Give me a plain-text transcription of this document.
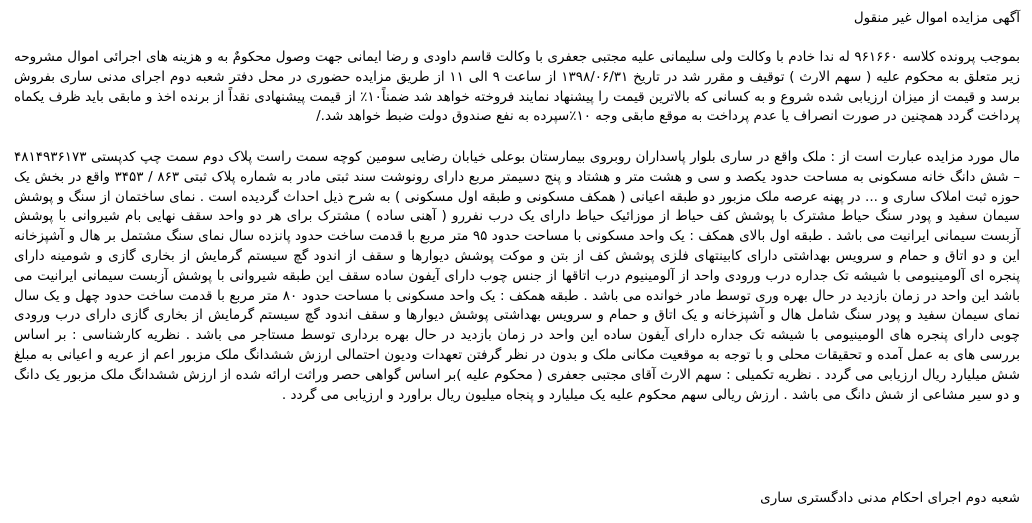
آگهی مزایده اموال غیر منقول

بموجب پرونده کلاسه ۹۶۱۶۶۰ له ندا خادم با وکالت ولی سلیمانی علیه مجتبی جعفری با وکالت قاسم داودی و رضا ایمانی جهت وصول محکومٌ به و هزینه های اجرائی اموال مشروحه زیر متعلق به محکوم علیه ( سهم الارث ) توقیف و مقرر شد در تاریخ ۱۳۹۸/۰۶/۳۱ از ساعت ۹ الی ۱۱ از طریق مزایده حضوری در محل دفتر شعبه دوم اجرای مدنی ساری بفروش برسد و قیمت از میزان ارزیابی شده شروع و به کسانی که بالاترین قیمت را پیشنهاد نمایند فروخته خواهد شد ضمناً۱۰٪ از قیمت پیشنهادی نقداً از برنده اخذ و مابقی باید ظرف یکماه پرداخت گردد همچنین در صورت انصراف یا عدم پرداخت به موقع مابقی وجه ۱۰٪سپرده به نفع صندوق دولت ضبط خواهد شد./

مال مورد مزایده عبارت است از : ملک واقع در ساری بلوار پاسداران روبروی بیمارستان بوعلی خیابان رضایی سومین کوچه سمت راست پلاک دوم سمت چپ کدپستی ۴۸۱۴۹۳۶۱۷۳ – شش دانگ خانه مسکونی به مساحت حدود یکصد و سی و هشت متر و هشتاد و پنج دسیمتر مربع دارای رونوشت سند ثبتی مادر به شماره پلاک ثبتی ۸۶۳ / ۳۴۵۳ واقع در بخش یک حوزه ثبت املاک ساری و ... در پهنه عرصه ملک مزبور دو طبقه اعیانی ( همکف مسکونی و طبقه اول مسکونی ) به شرح ذیل احداث گردیده است . نمای ساختمان از سنگ و پوشش سیمان سفید و پودر سنگ حیاط مشترک با پوشش کف حیاط از موزائیک حیاط دارای یک درب نفررو ( آهنی ساده ) مشترک برای هر دو واحد سقف نهایی بام شیروانی با پوشش آزبست سیمانی ایرانیت می باشد . طبقه اول بالای همکف : یک واحد مسکونی با مساحت حدود ۹۵ متر مربع با قدمت ساخت حدود پانزده سال نمای سنگ مشتمل بر هال و آشپزخانه این و دو اتاق و حمام و سرویس بهداشتی دارای کابینتهای فلزی پوشش کف از بتن و موکت پوشش دیوارها و سقف از اندود گچ سیستم گرمایش از بخاری گازی و شومینه دارای پنجره ای آلومینیومی با شیشه تک جداره درب ورودی واحد از آلومینیوم درب اتاقها از جنس چوب دارای آیفون ساده سقف این طبقه شیروانی با پوشش آزبست سیمانی ایرانیت می باشد این واحد در زمان بازدید در حال بهره وری توسط مادر خوانده می باشد . طبقه همکف : یک واحد مسکونی با مساحت حدود ۸۰ متر مربع با قدمت ساخت حدود چهل و یک سال نمای سیمان سفید و پودر سنگ شامل هال و آشپزخانه و یک اتاق و حمام و سرویس بهداشتی پوشش دیوارها و سقف اندود گچ سیستم گرمایش از بخاری گازی دارای درب ورودی چوبی دارای پنجره های الومینیومی با شیشه تک جداره دارای آیفون ساده این واحد در زمان بازدید در حال بهره برداری توسط مستاجر می باشد . نظریه کارشناسی : بر اساس بررسی های به عمل آمده و تحقیقات محلی و با توجه به موقعیت مکانی ملک و بدون در نظر گرفتن تعهدات ودیون احتمالی ارزش ششدانگ ملک مزبور اعم از عریه و اعیانی به مبلغ شش میلیارد ریال ارزیابی می گردد . نظریه تکمیلی : سهم الارث آقای مجتبی جعفری ( محکوم علیه )بر اساس گواهی حصر وراثت ارائه شده از ارزش ششدانگ ملک مزبور یک دانگ و دو سیر مشاعی از شش دانگ می باشد . ارزش ریالی سهم محکوم علیه یک میلیارد و پنجاه میلیون ریال براورد و ارزیابی می گردد .

شعبه دوم اجرای احکام مدنی دادگستری ساری
